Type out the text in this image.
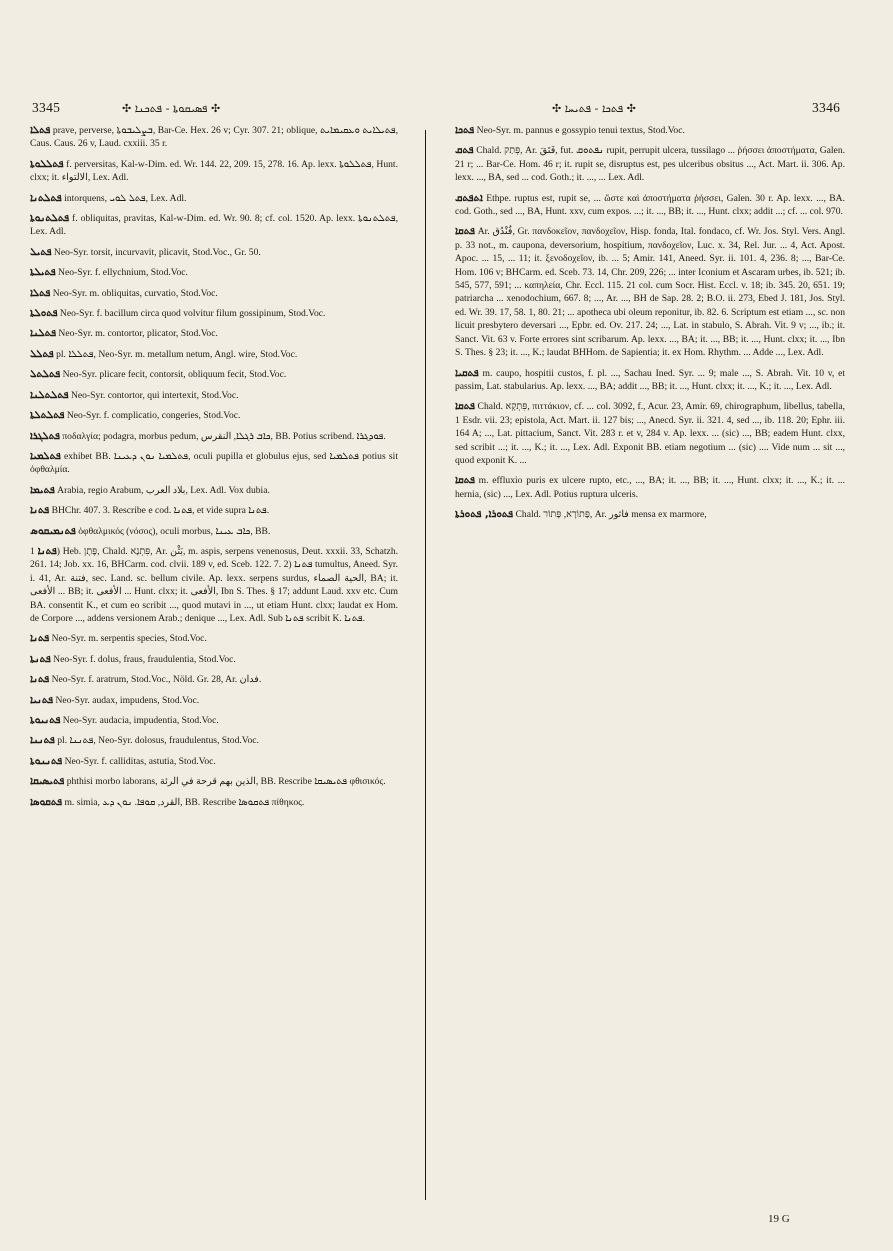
3345	✣ ܦܣܝܩܘܬܐ - ܦܬܟܢܐ ✣	✣ ܦܬܟܐ - ܦܬܝܚܐ ✣	3346

ܦܬܠܐ prave, perverse, ܒܨܠܝܒܘܬܐ, Bar-Ce. Hex. 26 v; Cyr. 307. 21; oblique, ܦܬܝܠܐܝܬ ܘܥܩܝܡܐܝܬ, Caus. Caus. 26 v, Laud. cxxiii. 35 r.

ܦܬܠܠܘܬܐ f. perversitas, Kal-w-Dim. ed. Wr. 144. 22, 209. 15, 278. 16. Ap. lexx. ܦܬܠܠܘܬܐ, Hunt. clxx; it. الالتواء, Lex. Adl.

ܦܬܠܬܢܐ intorquens, ܦܬܠ ܠܘܝ, Lex. Adl.

ܦܬܠܬܢܘܬܐ f. obliquitas, pravitas, Kal-w-Dim. ed. Wr. 90. 8; cf. col. 1520. Ap. lexx. ܦܬܠܬܢܘܬܐ, Lex. Adl.

ܦܬܝܠ Neo-Syr. torsit, incurvavit, plicavit, Stod.Voc., Gr. 50.

ܦܬܝܠܬܐ Neo-Syr. f. ellychnium, Stod.Voc.

ܦܬܠܐ Neo-Syr. m. obliquitas, curvatio, Stod.Voc.

ܦܬܘܠܬܐ Neo-Syr. f. bacillum circa quod volvitur filum gossipinum, Stod.Voc.

ܦܬܠܢܐ Neo-Syr. m. contortor, plicator, Stod.Voc.

ܦܬܠܠ pl. ܦܬܠܠܐ, Neo-Syr. m. metallum netum, Angl. wire, Stod.Voc.

ܦܬܠܬܠ Neo-Syr. plicare fecit, contorsit, obliquum fecit, Stod.Voc.

ܦܬܠܬܠܢܐ Neo-Syr. contortor, qui intertexit, Stod.Voc.

ܦܬܠܬܠܬܐ Neo-Syr. f. complicatio, congeries, Stod.Voc.

ܦܬܠܓܪܐ ποδαλγία; podagra, morbus pedum, ܟܐܒ ܪܓܠܐ, النقرس, BB. Potius scribend. ܦܘܕܓܪܐ.

ܦܬܠܡܝܐ exhibet BB. ܦܬܠܡܝܐ ܢܘܢ ܕܥܝܢܐ, oculi pupilla et globulus ejus, sed ܦܬܠܡܝܐ potius sit ὀφθαλμία.

ܦܬܝܡܐ Arabia, regio Arabum, بلاد العرب, Lex. Adl. Vox dubia.

ܦܬܢܐ BHChr. 407. 3. Rescribe e cod. ܦܬܢܐ, et vide supra ܦܬܢܐ.

ܦܬܢܡܝܩܘܣ ὀφθαλμικός (νόσος), oculi morbus, ܟܐܒ ܥܝܢܐ, BB.

ܦܬܢܐ 1) Heb. פֶּתֶן, Chald. פִּתְנָא, Ar. بَثْن, m. aspis, serpens venenosus, Deut. xxxii. 33, Schatzh. 261. 14; Job. xx. 16, BHCarm. cod. clvii. 189 v, ed. Sceb. 122. 7. 2) ܦܬܢܐ tumultus, Aneed. Syr. i. 41, Ar. فتنة, sec. Land. sc. bellum civile. Ap. lexx. serpens surdus, الحية الصماء, BA; it. الأفعى ... BB; it. الأفعى ... Hunt. clxx; it. الأفعى, Ibn S. Thes. § 17; addunt Laud. xxv etc. Cum BA. consentit K., et cum eo scribit ..., quod mutavi in ..., ut etiam Hunt. clxx; laudat ex Hom. de Corpore ..., addens versionem Arab.; denique ..., Lex. Adl. Sub ܦܬܢܐ scribit K. ܦܬܢܐ.

ܦܬܢܐ Neo-Syr. m. serpentis species, Stod.Voc.

ܦܬܢܬܐ Neo-Syr. f. dolus, fraus, fraudulentia, Stod.Voc.

ܦܬܢܐ Neo-Syr. f. aratrum, Stod.Voc., Nöld. Gr. 28, Ar. فدان.

ܦܬܢܝܐ Neo-Syr. audax, impudens, Stod.Voc.

ܦܬܢܝܘܬܐ Neo-Syr. audacia, impudentia, Stod.Voc.

ܦܬܢܢܐ pl. ܦܬܢܢܐ, Neo-Syr. dolosus, fraudulentus, Stod.Voc.

ܦܬܢܢܘܬܐ Neo-Syr. f. calliditas, astutia, Stod.Voc.

ܦܬܝܣܝܩܐ phthisi morbo laborans, الذين بهم قرحة في الرئة, BB. Rescribe ܦܬܝܣܝܩܐ φθισικός.

ܦܬܩܘܣܐ m. simia, القرد, ܩܘܦܐ. ܢܘܢ ܕܥ, BB. Rescribe ܦܬܩܘܣܐ πίθηκος.

ܦܬܟܐ Neo-Syr. m. pannus e gossypio tenui textus, Stod.Voc.

ܦܬܩ Chald. פְּתַק, Ar. فَتَقَ, fut. ܢܦܬܘܩ rupit, perrupit ulcera, tussilago ... ῥήσσει ἀποστήματα, Galen. 21 r; ... Bar-Ce. Hom. 46 r; it. rupit se, disruptus est, pes ulceribus obsitus ..., Act. Mart. ii. 306. Ap. lexx. ..., BA, sed ... cod. Goth.; it. ..., ... Lex. Adl.

ܐܬܦܬܩ Ethpe. ruptus est, rupit se, ... ὥστε καὶ ἀποστήματα ῥήσσει, Galen. 30 r. Ap. lexx. ..., BA. cod. Goth., sed ..., BA, Hunt. xxv, cum expos. ...; it. ..., BB; it. ..., Hunt. clxx; addit ...; cf. ... col. 970.

ܦܬܩܐ Ar. فُنْدُق, Gr. πανδοκεῖον, πανδοχεῖον, Hisp. fonda, Ital. fondaco, cf. Wr. Jos. Styl. Vers. Angl. p. 33 not., m. caupona, deversorium, hospitium, πανδοχεῖον, Luc. x. 34, Rel. Jur. ... 4, Act. Apost. Apoc. ... 15, ... 11; it. ξενοδοχεῖον, ib. ... 5; Amir. 141, Aneed. Syr. ii. 101. 4, 236. 8; ..., Bar-Ce. Hom. 106 v; BHCarm. ed. Sceb. 73. 14, Chr. 209, 226; ... inter Iconium et Ascaram urbes, ib. 521; ib. 545, 577, 591; ... καπηλεία, Chr. Eccl. 115. 21 col. cum Socr. Hist. Eccl. v. 18; ib. 345. 20, 651. 19; patriarcha ... xenodochium, 667. 8; ..., Ar. ..., BH de Sap. 28. 2; B.O. ii. 273, Ebed J. 181, Jos. Styl. ed. Wr. 39. 17, 58. 1, 80. 21; ... apotheca ubi oleum reponitur, ib. 82. 6. Scriptum est etiam ..., sc. non licuit presbytero deversari ..., Epbr. ed. Ov. 217. 24; ..., Lat. in stabulo, S. Abrah. Vit. 9 v; ..., ib.; it. Sanct. Vit. 63 v. Forte errores sint scribarum. Ap. lexx. ..., BA; it. ..., BB; it. ..., Hunt. clxx; it. ..., Ibn S. Thes. § 23; it. ..., K.; laudat BHHom. de Sapientia; it. ex Hom. Rhythm. ... Adde ..., Lex. Adl.

ܦܬܩܝܐ m. caupo, hospitii custos, f. pl. ..., Sachau Ined. Syr. ... 9; male ..., S. Abrah. Vit. 10 v, et passim, Lat. stabularius. Ap. lexx. ..., BA; addit ..., BB; it. ..., Hunt. clxx; it. ..., K.; it. ..., Lex. Adl.

ܦܬܩܐ Chald. פִּתְקָא, πιττάκιον, cf. ... col. 3092, f., Acur. 23, Amir. 69, chirographum, libellus, tabella, 1 Esdr. vii. 23; epistola, Act. Mart. ii. 127 bis; ..., Anecd. Syr. ii. 321. 4, sed ..., ib. 118. 20; Ephr. iii. 164 A; ..., Lat. pittacium, Sanct. Vit. 283 r. et v, 284 v. Ap. lexx. ... (sic) ..., BB; eadem Hunt. clxx, sed scribit ...; it. ..., K.; it. ..., Lex. Adl. Exponit BB. etiam negotium ... (sic) .... Vide num ... sit ..., quod exponit K. ...

ܦܬܩܐ m. effluxio puris ex ulcere rupto, etc., ..., BA; it. ..., BB; it. ..., Hunt. clxx; it. ..., K.; it. ... hernia, (sic) ..., Lex. Adl. Potius ruptura ulceris.

ܦܬܘܪܐ, ܦܬܘܪܬܐ Chald. פָּתוֹרָא, פָּתוֹר, Ar. فاثور mensa ex marmore,

19 G
